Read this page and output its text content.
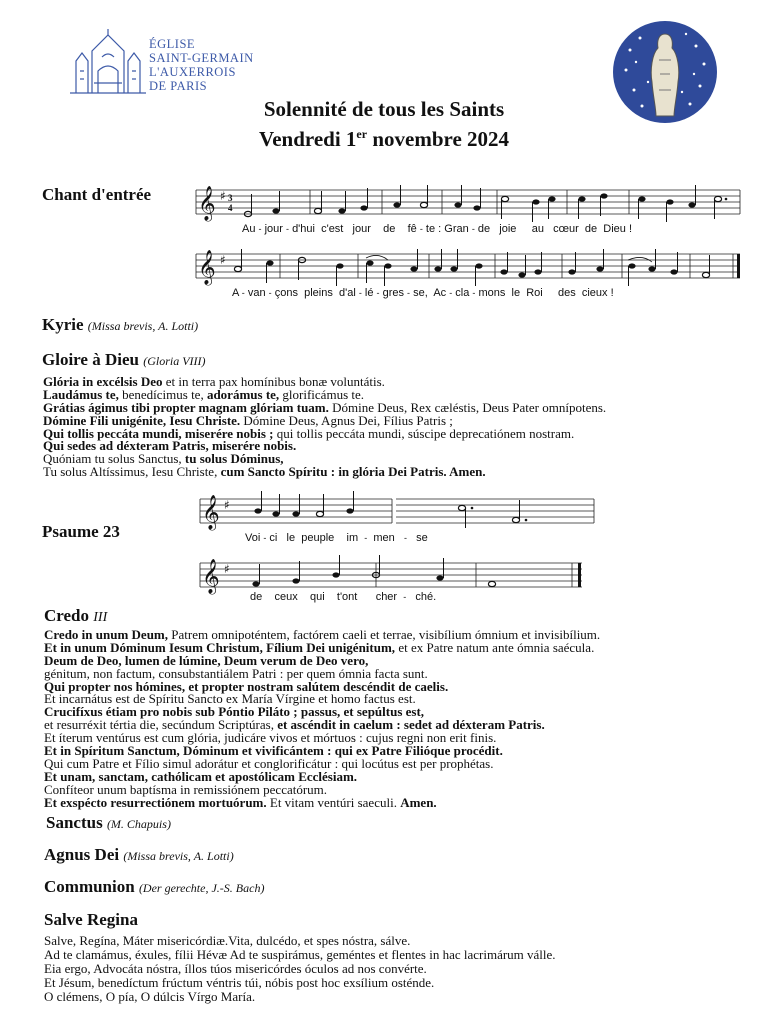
ÉGLISE
SAINT-GERMAIN
L'AUXERROIS
DE PARIS
Solennité de tous les Saints
Vendredi 1er novembre 2024
Chant d'entrée 𝄞 ♯ 3
4
Au - jour - d'hui c'est jour de fê - te : Gran - de joie au cœur de Dieu !
𝄞 ♯
A - van - çons pleins d'al - lé - gres - se, Ac - cla - mons le Roi des cieux !
Kyrie (Missa brevis, A. Lotti)
Gloire à Dieu (Gloria VIII)
Glória in excélsis Deo et in terra pax homínibus bonæ voluntátis.
Laudámus te, benedícimus te, adorámus te, glorificámus te.
Grátias ágimus tibi propter magnam glóriam tuam. Dómine Deus, Rex cæléstis, Deus Pater omnípotens.
Dómine Fili unigénite, Iesu Christe. Dómine Deus, Agnus Dei, Fílius Patris ;
Qui tollis peccáta mundi, miserére nobis ; qui tollis peccáta mundi, súscipe deprecatiónem nostram.
Qui sedes ad déxteram Patris, miserére nobis.
Quóniam tu solus Sanctus, tu solus Dóminus,
Tu solus Altíssimus, Iesu Christe, cum Sancto Spíritu : in glória Dei Patris. Amen.
Psaume 23
𝄞 ♯
Voi - ci le peuple im - men - se
𝄞 ♯
de ceux qui t'ont cher - ché.
Credo III
Credo in unum Deum, Patrem omnipoténtem, factórem caeli et terrae, visibílium ómnium et invisibílium.
Et in unum Dóminum Iesum Christum, Fílium Dei unigénitum, et ex Patre natum ante ómnia saécula.
Deum de Deo, lumen de lúmine, Deum verum de Deo vero,
génitum, non factum, consubstantiálem Patri : per quem ómnia facta sunt.
Qui propter nos hómines, et propter nostram salútem descéndit de caelis.
Et incarnátus est de Spíritu Sancto ex María Vírgine et homo factus est.
Crucifíxus étiam pro nobis sub Póntio Piláto ; passus, et sepúltus est,
et resurréxit tértia die, secúndum Scriptúras, et ascéndit in caelum : sedet ad déxteram Patris.
Et íterum ventúrus est cum glória, judicáre vivos et mórtuos : cujus regni non erit finis.
Et in Spíritum Sanctum, Dóminum et vivificántem : qui ex Patre Filióque procédit.
Qui cum Patre et Fílio simul adorátur et conglorificátur : qui locútus est per prophétas.
Et unam, sanctam, cathólicam et apostólicam Ecclésiam.
Confíteor unum baptísma in remissiónem peccatórum.
Et exspécto resurrectiónem mortuórum. Et vitam ventúri saeculi. Amen.
Sanctus (M. Chapuis)
Agnus Dei (Missa brevis, A. Lotti)
Communion (Der gerechte, J.-S. Bach)
Salve Regina
Salve, Regína, Máter misericórdiæ.Vita, dulcédo, et spes nóstra, sálve.
Ad te clamámus, éxules, fílii Hévæ Ad te suspirámus, geméntes et flentes in hac lacrimárum válle.
Eia ergo, Advocáta nóstra, íllos túos misericórdes óculos ad nos convérte.
Et Jésum, benedíctum frúctum véntris túi, nóbis post hoc exsílium osténde.
O clémens, O pía, O dúlcis Vírgo María.
